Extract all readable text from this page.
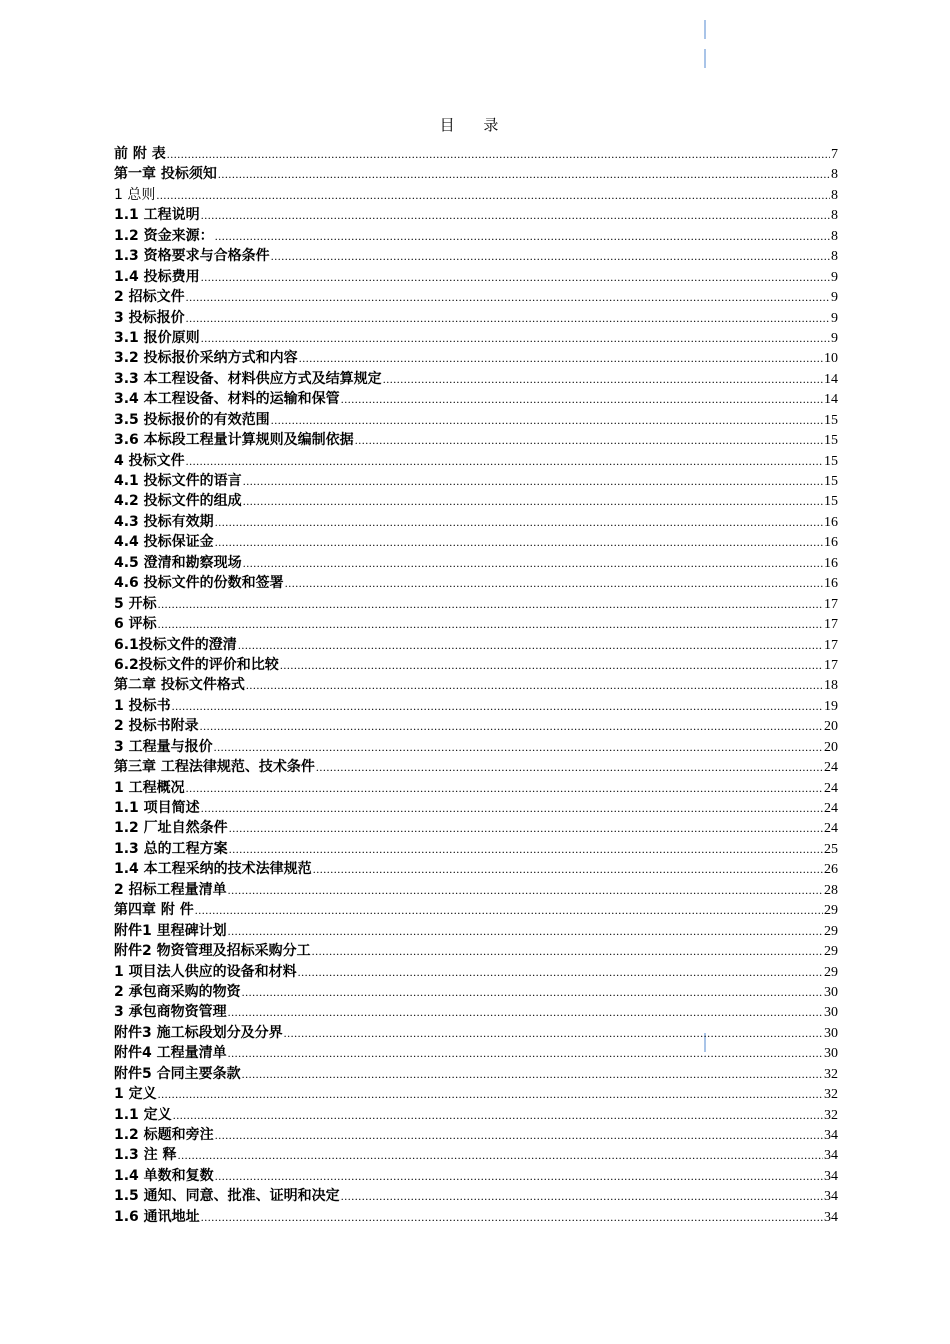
目 录
前 附 表 .....	7
第一章 投标须知 .....	8
1 总则 .....	8
1.1 工程说明 .....	8
1.2 资金来源： .....	8
1.3 资格要求与合格条件 .....	8
1.4 投标费用 .....	9
2 招标文件 .....	9
3 投标报价 .....	9
3.1 报价原则 .....	9
3.2 投标报价采纳方式和内容 .....	10
3.3 本工程设备、材料供应方式及结算规定 .....	14
3.4 本工程设备、材料的运输和保管 .....	14
3.5 投标报价的有效范围 .....	15
3.6 本标段工程量计算规则及编制依据 .....	15
4 投标文件 .....	15
4.1 投标文件的语言 .....	15
4.2 投标文件的组成 .....	15
4.3 投标有效期 .....	16
4.4 投标保证金 .....	16
4.5 澄清和勘察现场 .....	16
4.6 投标文件的份数和签署 .....	16
5 开标 .....	17
6 评标 .....	17
6.1投标文件的澄清 .....	17
6.2投标文件的评价和比较 .....	17
第二章 投标文件格式 .....	18
1 投标书 .....	19
2 投标书附录 .....	20
3 工程量与报价 .....	20
第三章 工程法律规范、技术条件 .....	24
1 工程概况 .....	24
1.1 项目简述 .....	24
1.2 厂址自然条件 .....	24
1.3 总的工程方案 .....	25
1.4 本工程采纳的技术法律规范 .....	26
2 招标工程量清单 .....	28
第四章 附 件 .....	29
附件1 里程碑计划 .....	29
附件2 物资管理及招标采购分工 .....	29
1 项目法人供应的设备和材料 .....	29
2 承包商采购的物资 .....	30
3 承包商物资管理 .....	30
附件3 施工标段划分及分界 .....	30
附件4 工程量清单 .....	30
附件5 合同主要条款 .....	32
1 定义 .....	32
1.1 定义 .....	32
1.2 标题和旁注 .....	34
1.3 注 释 .....	34
1.4 单数和复数 .....	34
1.5 通知、同意、批准、证明和决定 .....	34
1.6 通讯地址 .....	34
